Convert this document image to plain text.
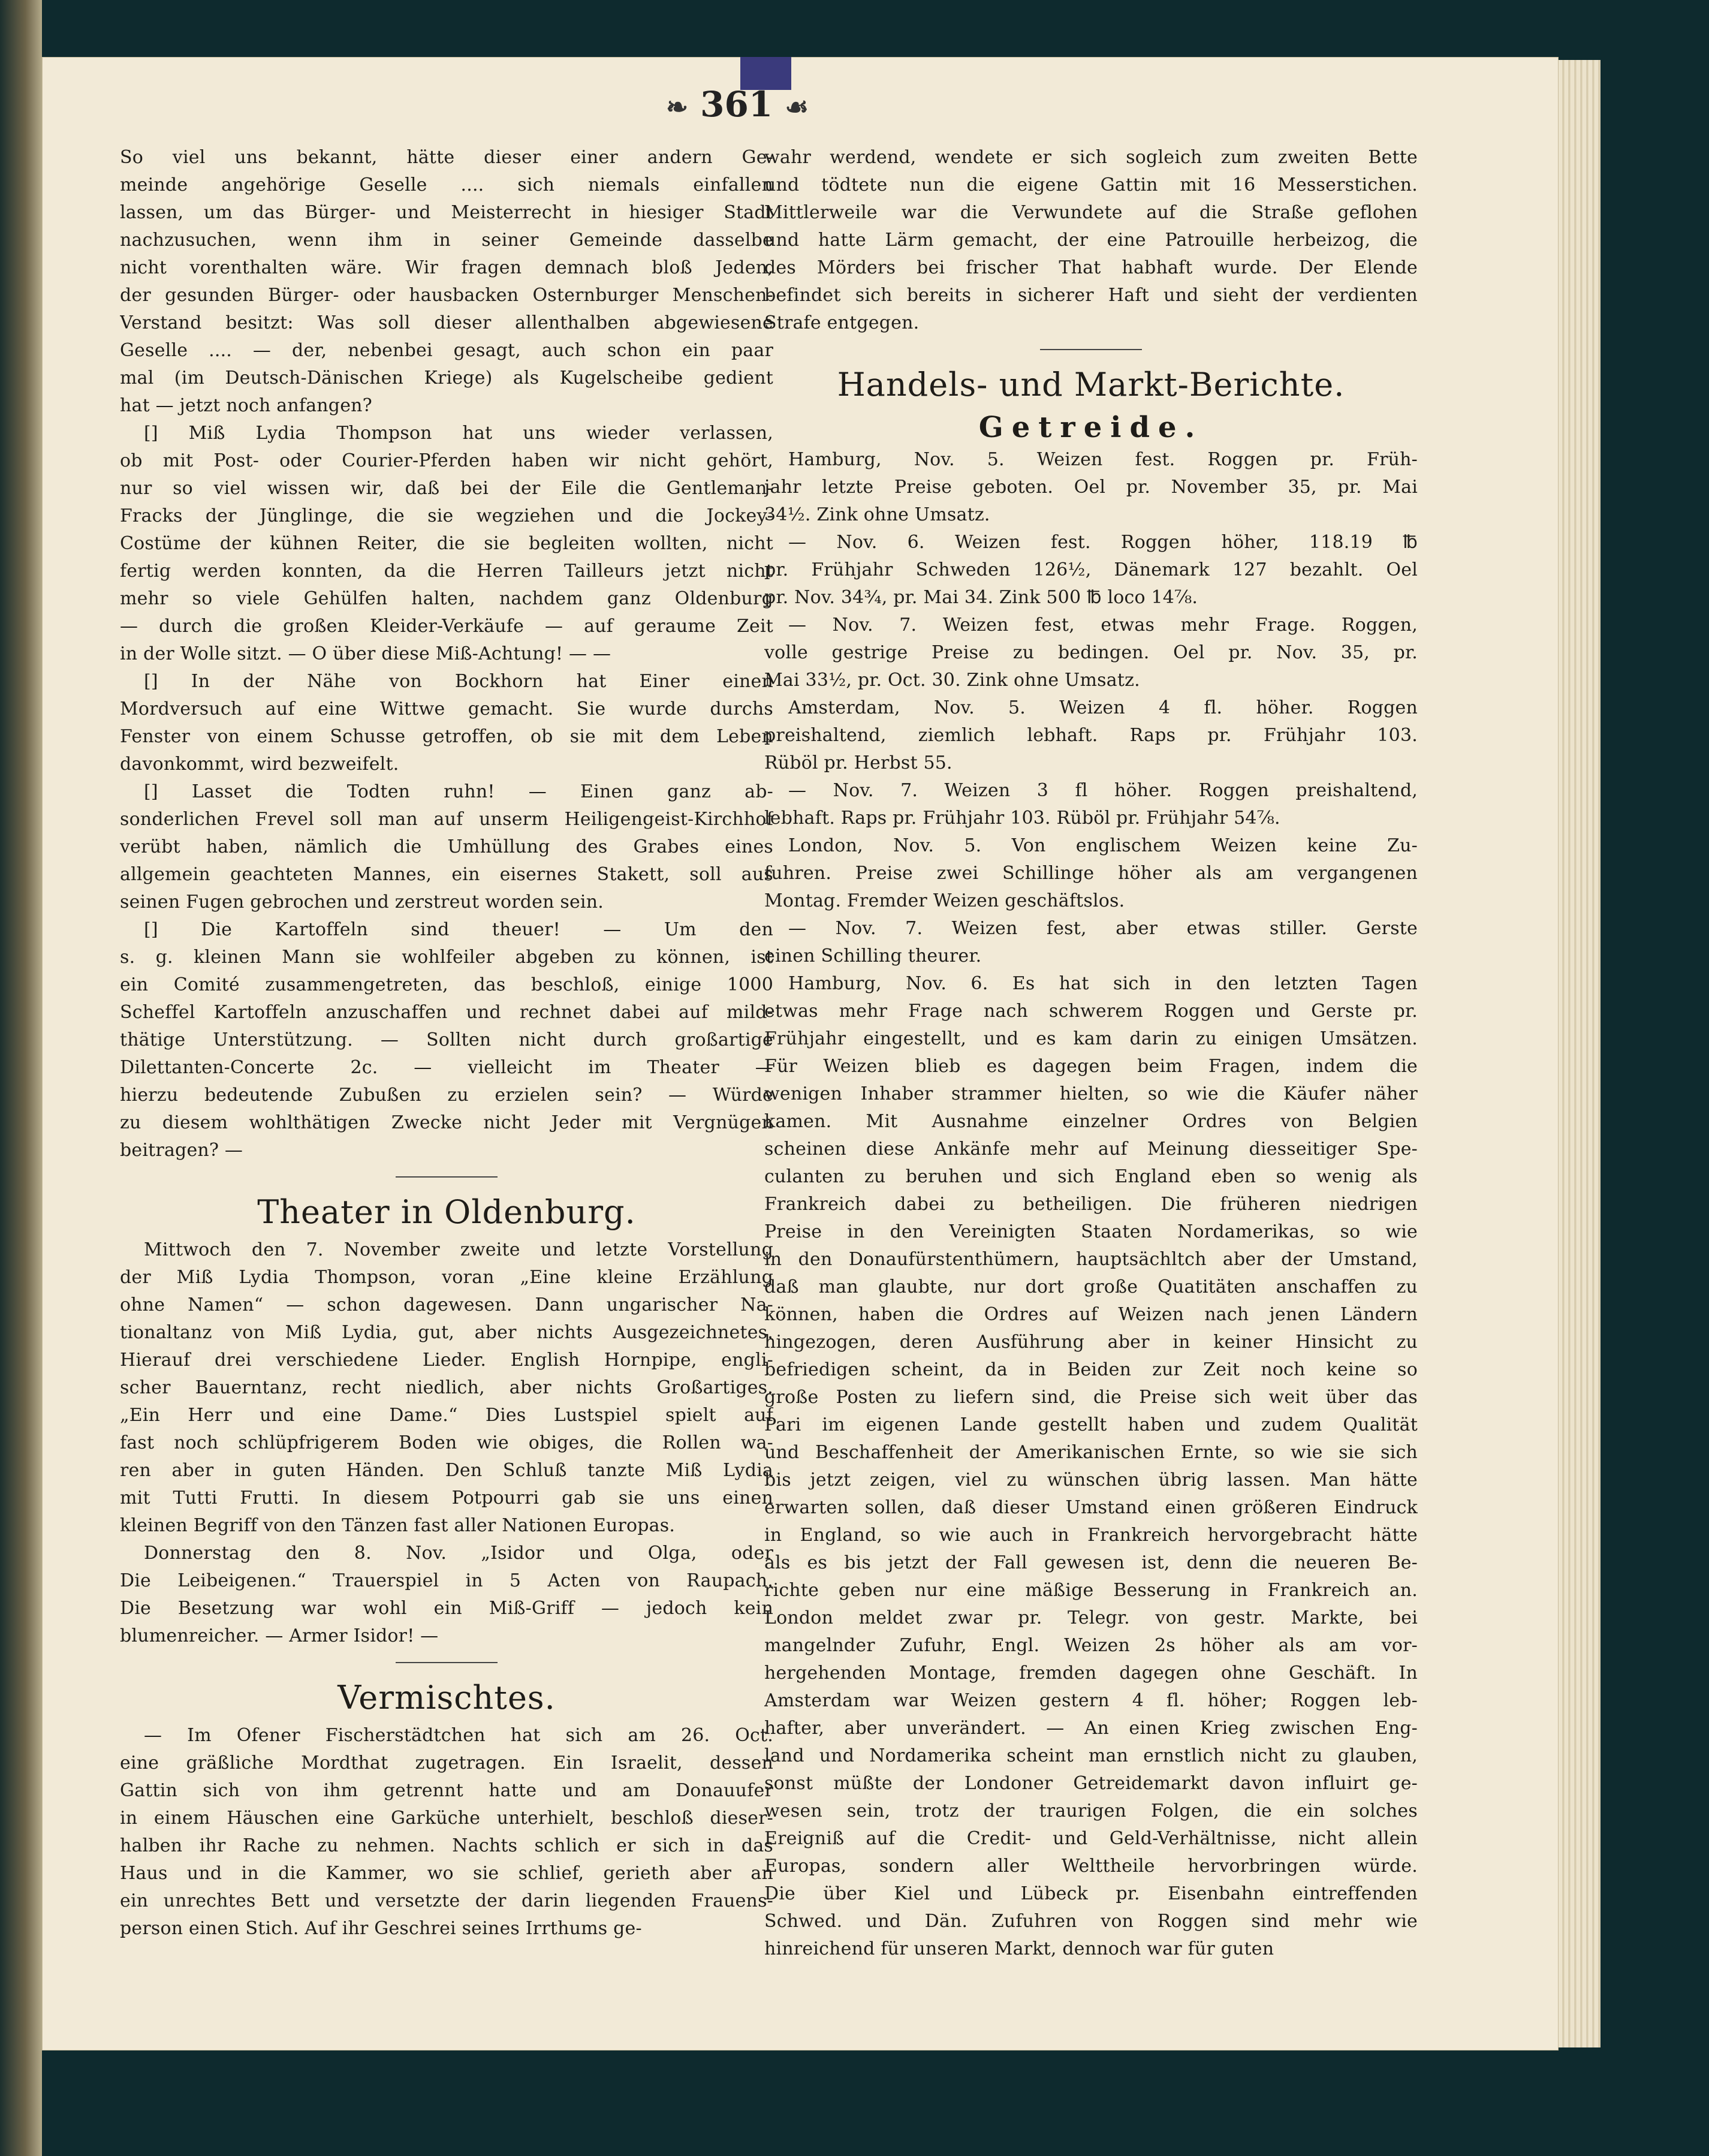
❧ 361 ☙
So viel uns bekannt, hätte dieser einer andern Ge-
meinde angehörige Geselle .... sich niemals einfallen
lassen, um das Bürger- und Meisterrecht in hiesiger Stadt
nachzusuchen, wenn ihm in seiner Gemeinde dasselbe
nicht vorenthalten wäre. Wir fragen demnach bloß Jeden,
der gesunden Bürger- oder hausbacken Osternburger Menschen-
Verstand besitzt: Was soll dieser allenthalben abgewiesene
Geselle .... — der, nebenbei gesagt, auch schon ein paar
mal (im Deutsch-Dänischen Kriege) als Kugelscheibe gedient
hat — jetzt noch anfangen?
[] Miß Lydia Thompson hat uns wieder verlassen,
ob mit Post- oder Courier-Pferden haben wir nicht gehört,
nur so viel wissen wir, daß bei der Eile die Gentleman-
Fracks der Jünglinge, die sie wegziehen und die Jockey-
Costüme der kühnen Reiter, die sie begleiten wollten, nicht
fertig werden konnten, da die Herren Tailleurs jetzt nicht
mehr so viele Gehülfen halten, nachdem ganz Oldenburg
— durch die großen Kleider-Verkäufe — auf geraume Zeit
in der Wolle sitzt. — O über diese Miß-Achtung! — —
[] In der Nähe von Bockhorn hat Einer einen
Mordversuch auf eine Wittwe gemacht. Sie wurde durchs
Fenster von einem Schusse getroffen, ob sie mit dem Leben
davonkommt, wird bezweifelt.
[] Lasset die Todten ruhn! — Einen ganz ab-
sonderlichen Frevel soll man auf unserm Heiligengeist-Kirchhof
verübt haben, nämlich die Umhüllung des Grabes eines
allgemein geachteten Mannes, ein eisernes Stakett, soll aus
seinen Fugen gebrochen und zerstreut worden sein.
[] Die Kartoffeln sind theuer! — Um den
s. g. kleinen Mann sie wohlfeiler abgeben zu können, ist
ein Comité zusammengetreten, das beschloß, einige 1000
Scheffel Kartoffeln anzuschaffen und rechnet dabei auf mild-
thätige Unterstützung. — Sollten nicht durch großartige
Dilettanten-Concerte 2c. — vielleicht im Theater —
hierzu bedeutende Zubußen zu erzielen sein? — Würde
zu diesem wohlthätigen Zwecke nicht Jeder mit Vergnügen
beitragen? —
Theater in Oldenburg.
Mittwoch den 7. November zweite und letzte Vorstellung
der Miß Lydia Thompson, voran „Eine kleine Erzählung
ohne Namen“ — schon dagewesen. Dann ungarischer Na-
tionaltanz von Miß Lydia, gut, aber nichts Ausgezeichnetes.
Hierauf drei verschiedene Lieder. English Hornpipe, engli-
scher Bauerntanz, recht niedlich, aber nichts Großartiges.
„Ein Herr und eine Dame.“ Dies Lustspiel spielt auf
fast noch schlüpfrigerem Boden wie obiges, die Rollen wa-
ren aber in guten Händen. Den Schluß tanzte Miß Lydia
mit Tutti Frutti. In diesem Potpourri gab sie uns einen
kleinen Begriff von den Tänzen fast aller Nationen Europas.
Donnerstag den 8. Nov. „Isidor und Olga, oder
Die Leibeigenen.“ Trauerspiel in 5 Acten von Raupach.
Die Besetzung war wohl ein Miß-Griff — jedoch kein
blumenreicher. — Armer Isidor! —
Vermischtes.
— Im Ofener Fischerstädtchen hat sich am 26. Oct.
eine gräßliche Mordthat zugetragen. Ein Israelit, dessen
Gattin sich von ihm getrennt hatte und am Donauufer
in einem Häuschen eine Garküche unterhielt, beschloß dieser-
halben ihr Rache zu nehmen. Nachts schlich er sich in das
Haus und in die Kammer, wo sie schlief, gerieth aber an
ein unrechtes Bett und versetzte der darin liegenden Frauens-
person einen Stich. Auf ihr Geschrei seines Irrthums ge-
wahr werdend, wendete er sich sogleich zum zweiten Bette
und tödtete nun die eigene Gattin mit 16 Messerstichen.
Mittlerweile war die Verwundete auf die Straße geflohen
und hatte Lärm gemacht, der eine Patrouille herbeizog, die
des Mörders bei frischer That habhaft wurde. Der Elende
befindet sich bereits in sicherer Haft und sieht der verdienten
Strafe entgegen.
Handels- und Markt-Berichte.
Getreide.
Hamburg, Nov. 5. Weizen fest. Roggen pr. Früh-
jahr letzte Preise geboten. Oel pr. November 35, pr. Mai
34½. Zink ohne Umsatz.
— Nov. 6. Weizen fest. Roggen höher, 118.19 ℔
pr. Frühjahr Schweden 126½, Dänemark 127 bezahlt. Oel
pr. Nov. 34¾, pr. Mai 34. Zink 500 ℔ loco 14⅞.
— Nov. 7. Weizen fest, etwas mehr Frage. Roggen,
volle gestrige Preise zu bedingen. Oel pr. Nov. 35, pr.
Mai 33½, pr. Oct. 30. Zink ohne Umsatz.
Amsterdam, Nov. 5. Weizen 4 fl. höher. Roggen
preishaltend, ziemlich lebhaft. Raps pr. Frühjahr 103.
Rüböl pr. Herbst 55.
— Nov. 7. Weizen 3 fl höher. Roggen preishaltend,
lebhaft. Raps pr. Frühjahr 103. Rüböl pr. Frühjahr 54⅞.
London, Nov. 5. Von englischem Weizen keine Zu-
fuhren. Preise zwei Schillinge höher als am vergangenen
Montag. Fremder Weizen geschäftslos.
— Nov. 7. Weizen fest, aber etwas stiller. Gerste
einen Schilling theurer.
Hamburg, Nov. 6. Es hat sich in den letzten Tagen
etwas mehr Frage nach schwerem Roggen und Gerste pr.
Frühjahr eingestellt, und es kam darin zu einigen Umsätzen.
Für Weizen blieb es dagegen beim Fragen, indem die
wenigen Inhaber strammer hielten, so wie die Käufer näher
kamen. Mit Ausnahme einzelner Ordres von Belgien
scheinen diese Ankänfe mehr auf Meinung diesseitiger Spe-
culanten zu beruhen und sich England eben so wenig als
Frankreich dabei zu betheiligen. Die früheren niedrigen
Preise in den Vereinigten Staaten Nordamerikas, so wie
in den Donaufürstenthümern, hauptsächltch aber der Umstand,
daß man glaubte, nur dort große Quatitäten anschaffen zu
können, haben die Ordres auf Weizen nach jenen Ländern
hingezogen, deren Ausführung aber in keiner Hinsicht zu
befriedigen scheint, da in Beiden zur Zeit noch keine so
große Posten zu liefern sind, die Preise sich weit über das
Pari im eigenen Lande gestellt haben und zudem Qualität
und Beschaffenheit der Amerikanischen Ernte, so wie sie sich
bis jetzt zeigen, viel zu wünschen übrig lassen. Man hätte
erwarten sollen, daß dieser Umstand einen größeren Eindruck
in England, so wie auch in Frankreich hervorgebracht hätte
als es bis jetzt der Fall gewesen ist, denn die neueren Be-
richte geben nur eine mäßige Besserung in Frankreich an.
London meldet zwar pr. Telegr. von gestr. Markte, bei
mangelnder Zufuhr, Engl. Weizen 2s höher als am vor-
hergehenden Montage, fremden dagegen ohne Geschäft. In
Amsterdam war Weizen gestern 4 fl. höher; Roggen leb-
hafter, aber unverändert. — An einen Krieg zwischen Eng-
land und Nordamerika scheint man ernstlich nicht zu glauben,
sonst müßte der Londoner Getreidemarkt davon influirt ge-
wesen sein, trotz der traurigen Folgen, die ein solches
Ereigniß auf die Credit- und Geld-Verhältnisse, nicht allein
Europas, sondern aller Welttheile hervorbringen würde.
Die über Kiel und Lübeck pr. Eisenbahn eintreffenden
Schwed. und Dän. Zufuhren von Roggen sind mehr wie
hinreichend für unseren Markt, dennoch war für guten
